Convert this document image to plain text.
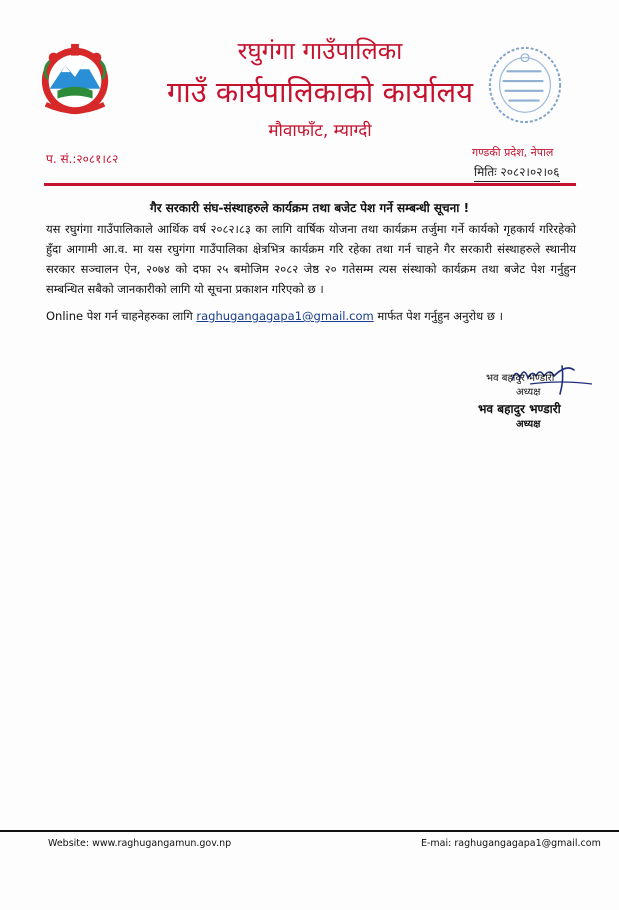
रघुगंगा गाउँपालिका
गाउँ कार्यपालिकाको कार्यालय
मौवाफाँट, म्याग्दी
प. सं.:२०८१।८२	गण्डकी प्रदेश, नेपाल
मितिः २०८२।०२।०६
गैर सरकारी संघ-संस्थाहरुले कार्यक्रम तथा बजेट पेश गर्ने सम्बन्धी सूचना !
यस रघुगंगा गाउँपालिकाले आर्थिक वर्ष २०८२।८३ का लागि वार्षिक योजना तथा कार्यक्रम तर्जुमा गर्ने कार्यको गृहकार्य गरिरहेको हुँदा आगामी आ.व. मा यस रघुगंगा गाउँपालिका क्षेत्रभित्र कार्यक्रम गरि रहेका तथा गर्न चाहने गैर सरकारी संस्थाहरुले स्थानीय सरकार सञ्चालन ऐन, २०७४ को दफा २५ बमोजिम २०८२ जेष्ठ २० गतेसम्म त्यस संस्थाको कार्यक्रम तथा बजेट पेश गर्नुहुन सम्बन्धित सबैको जानकारीको लागि यो सूचना प्रकाशन गरिएको छ ।
Online पेश गर्न चाहनेहरुका लागि raghugangagapa1@gmail.com मार्फत पेश गर्नुहुन अनुरोध छ ।
भव बहादुर भण्डारी
अध्यक्ष
भव बहादुर भण्डारी
अध्यक्ष
Website: www.raghugangamun.gov.np	E-mai: raghugangagapa1@gmail.com
